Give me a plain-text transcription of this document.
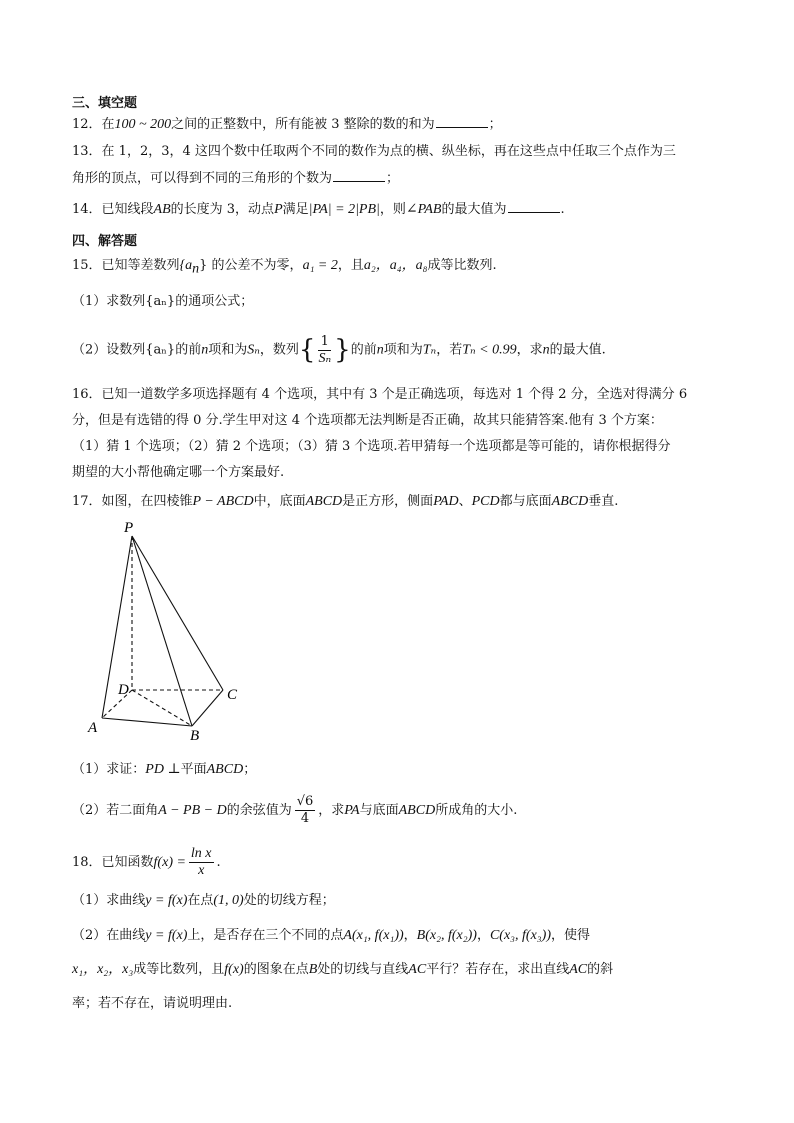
三、填空题
12．在100 ~ 200之间的正整数中，所有能被 3 整除的数的和为	；
13．在 1，2，3，4 这四个数中任取两个不同的数作为点的横、纵坐标，再在这些点中任取三个点作为三
角形的顶点，可以得到不同的三角形的个数为	；
14．已知线段AB的长度为 3，动点P满足|PA| = 2|PB|，则∠PAB的最大值为	.
四、解答题
15．已知等差数列$\{a_n\}$ 的公差不为零，a₁ = 2，且a₂，a₄，a₈成等比数列.
（1）求数列{aₙ}的通项公式；
（2）设数列{aₙ}的前n项和为Sₙ，数列{ $\frac{1}{\text{Sₙ}}$ }的前n项和为Tₙ，若Tₙ < 0.99，求n的最大值.
16．已知一道数学多项选择题有 4 个选项，其中有 3 个是正确选项，每选对 1 个得 2 分，全选对得满分 6
分，但是有选错的得 0 分.学生甲对这 4 个选项都无法判断是否正确，故其只能猜答案.他有 3 个方案：
（1）猜 1 个选项；（2）猜 2 个选项；（3）猜 3 个选项.若甲猜每一个选项都是等可能的，请你根据得分
期望的大小帮他确定哪一个方案最好.
17．如图，在四棱锥P − ABCD中，底面ABCD是正方形，侧面PAD、PCD都与底面ABCD垂直.
P
D	C
A	B
（1）求证：PD ⊥平面ABCD；
（2）若二面角A − PB − D的余弦值为 $\frac{√6}{4}$ ，求PA与底面ABCD所成角的大小.
18．已知函数$f(x) = \frac{\text{ln x}}{x}$ .
（1）求曲线y = f(x)在点(1, 0)处的切线方程；
（2）在曲线y = f(x)上，是否存在三个不同的点A(x₁, f(x₁))，B(x₂, f(x₂))，C(x₃, f(x₃))，使得
x₁，x₂，x₃成等比数列，且f(x)的图象在点B处的切线与直线AC平行？若存在，求出直线AC的斜
率；若不存在，请说明理由.
